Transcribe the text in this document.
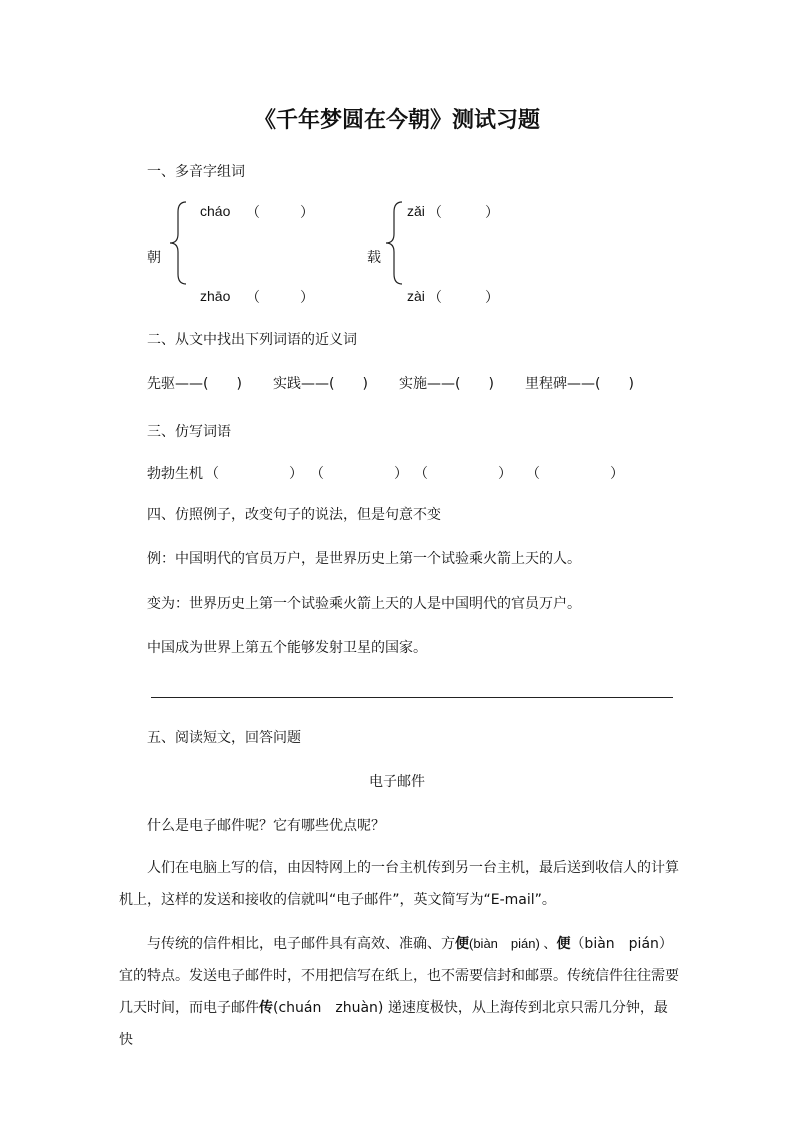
《千年梦圆在今朝》测试习题
一、多音字组词
朝
cháo （	）
zhāo （	）
载
zǎi （	）
zài （	）
二、从文中找出下列词语的近义词
先驱——(　　) 实践——(　　) 实施——(　　) 里程碑——(　　)
三、仿写词语
勃勃生机 （　　　　　） （　　　　　） （　　　　　） （　　　　　）
四、仿照例子，改变句子的说法，但是句意不变
例：中国明代的官员万户，是世界历史上第一个试验乘火箭上天的人。
变为：世界历史上第一个试验乘火箭上天的人是中国明代的官员万户。
中国成为世界上第五个能够发射卫星的国家。
五、阅读短文，回答问题
电子邮件
什么是电子邮件呢？它有哪些优点呢？
人们在电脑上写的信，由因特网上的一台主机传到另一台主机，最后送到收信人的计算机上，这样的发送和接收的信就叫“电子邮件”，英文简写为“E-mail”。
与传统的信件相比，电子邮件具有高效、准确、方便(biàn　pián) 、便（biàn　pián）宜的特点。发送电子邮件时，不用把信写在纸上，也不需要信封和邮票。传统信件往往需要几天时间，而电子邮件传(chuán　zhuàn) 递速度极快，从上海传到北京只需几分钟，最快
